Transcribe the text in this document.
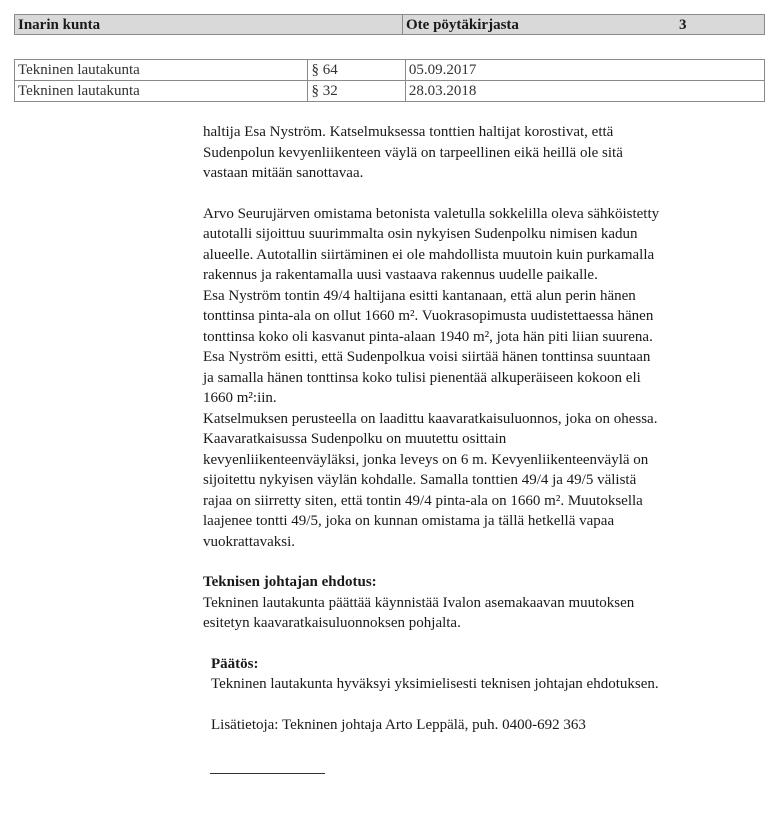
Inarin kunta	Ote pöytäkirjasta	3
Tekninen lautakunta	§ 64	05.09.2017
Tekninen lautakunta	§ 32	28.03.2018

haltija Esa Nyström. Katselmuksessa tonttien haltijat korostivat, että

Sudenpolun kevyenliikenteen väylä on tarpeellinen eikä heillä ole sitä

vastaan mitään sanottavaa.

Arvo Seurujärven omistama betonista valetulla sokkelilla oleva sähköistetty

autotalli sijoittuu suurimmalta osin nykyisen Sudenpolku nimisen kadun

alueelle. Autotallin siirtäminen ei ole mahdollista muutoin kuin purkamalla

rakennus ja rakentamalla uusi vastaava rakennus uudelle paikalle.

Esa Nyström tontin 49/4 haltijana esitti kantanaan, että alun perin hänen

tonttinsa pinta-ala on ollut 1660 m². Vuokrasopimusta uudistettaessa hänen

tonttinsa koko oli kasvanut pinta-alaan 1940 m², jota hän piti liian suurena.

Esa Nyström esitti, että Sudenpolkua voisi siirtää hänen tonttinsa suuntaan

ja samalla hänen tonttinsa koko tulisi pienentää alkuperäiseen kokoon eli

1660 m²:iin.

Katselmuksen perusteella on laadittu kaavaratkaisuluonnos, joka on ohessa.

Kaavaratkaisussa Sudenpolku on muutettu osittain

kevyenliikenteenväyläksi, jonka leveys on 6 m. Kevyenliikenteenväylä on

sijoitettu nykyisen väylän kohdalle. Samalla tonttien 49/4 ja 49/5 välistä

rajaa on siirretty siten, että tontin 49/4 pinta-ala on 1660 m². Muutoksella

laajenee tontti 49/5, joka on kunnan omistama ja tällä hetkellä vapaa

vuokrattavaksi.

Teknisen johtajan ehdotus:

Tekninen lautakunta päättää käynnistää Ivalon asemakaavan muutoksen

esitetyn kaavaratkaisuluonnoksen pohjalta.

Päätös:

Tekninen lautakunta hyväksyi yksimielisesti teknisen johtajan ehdotuksen.

Lisätietoja: Tekninen johtaja Arto Leppälä, puh. 0400-692 363
